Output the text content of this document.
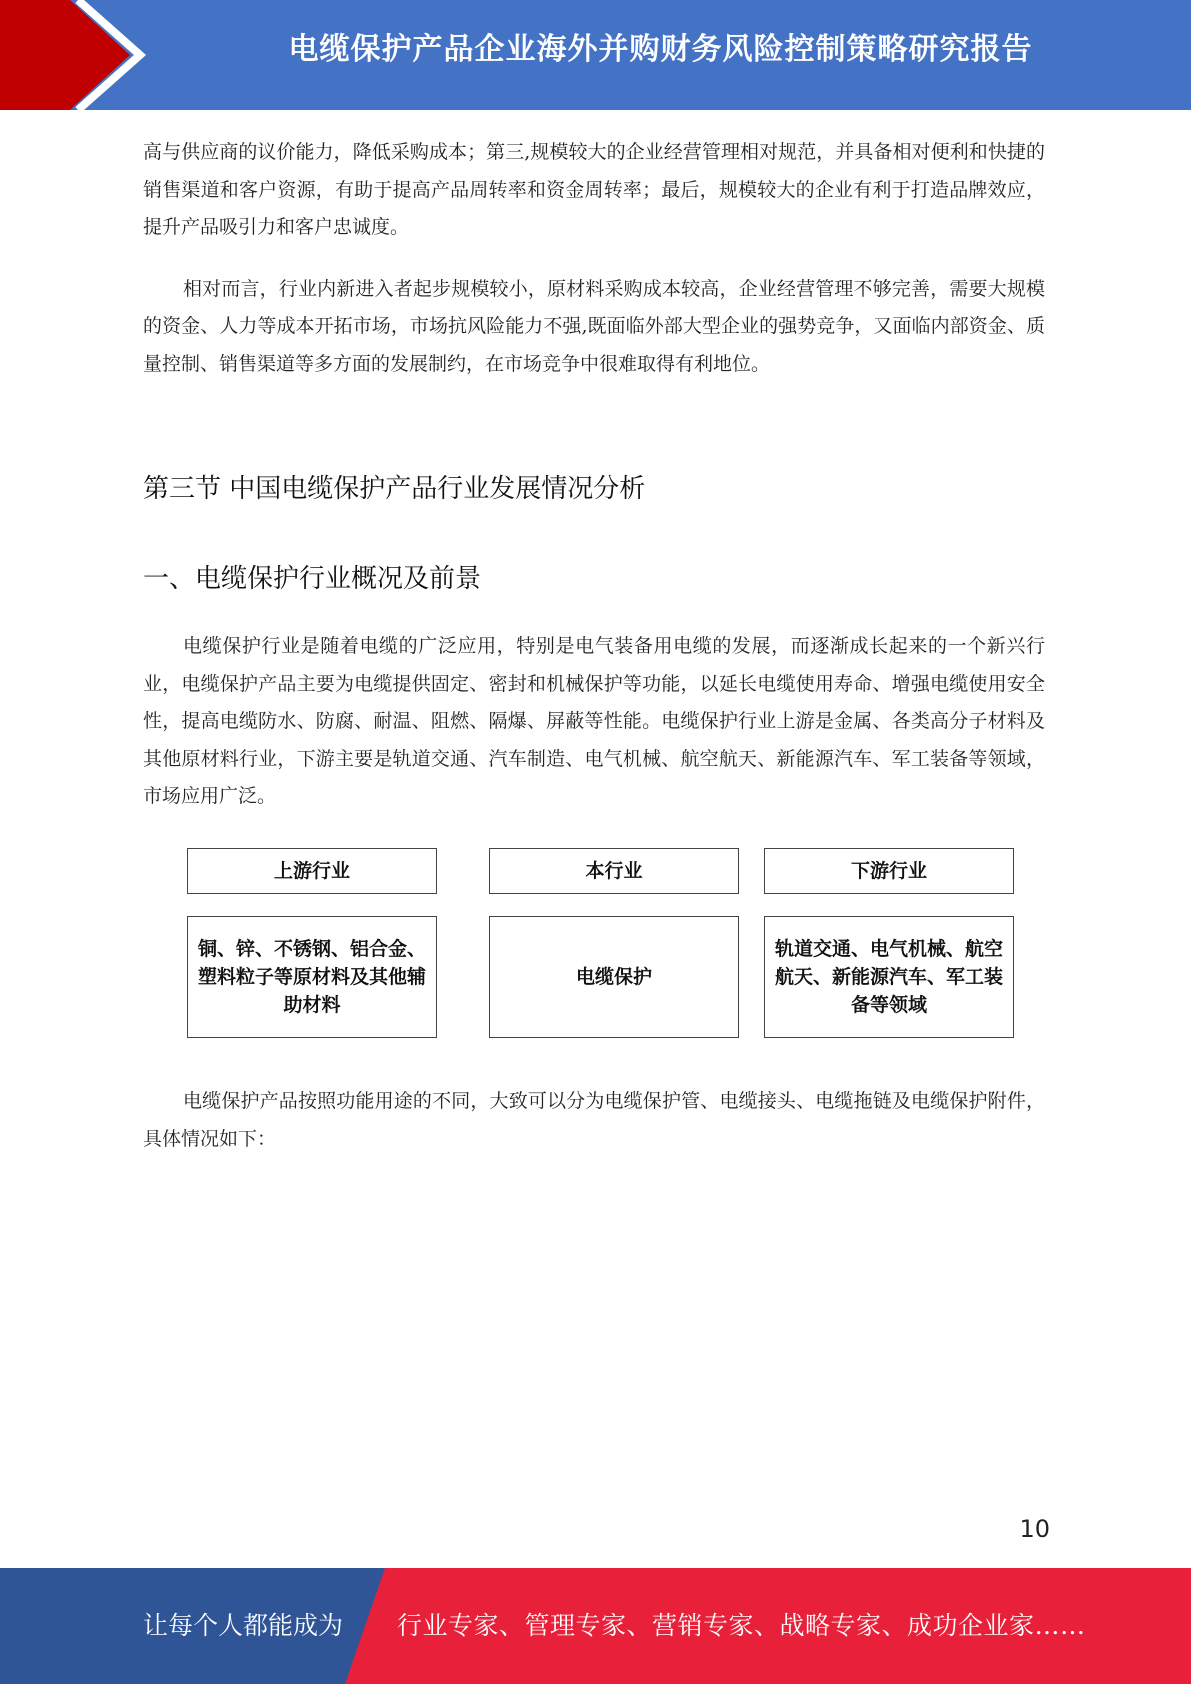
电缆保护产品企业海外并购财务风险控制策略研究报告

高与供应商的议价能力，降低采购成本；第三,规模较大的企业经营管理相对规范，并具备相对便利和快捷的销售渠道和客户资源，有助于提高产品周转率和资金周转率；最后，规模较大的企业有利于打造品牌效应，提升产品吸引力和客户忠诚度。

相对而言，行业内新进入者起步规模较小，原材料采购成本较高，企业经营管理不够完善，需要大规模的资金、人力等成本开拓市场，市场抗风险能力不强,既面临外部大型企业的强势竞争，又面临内部资金、质量控制、销售渠道等多方面的发展制约，在市场竞争中很难取得有利地位。

第三节 中国电缆保护产品行业发展情况分析
一、电缆保护行业概况及前景

电缆保护行业是随着电缆的广泛应用，特别是电气装备用电缆的发展，而逐渐成长起来的一个新兴行业，电缆保护产品主要为电缆提供固定、密封和机械保护等功能，以延长电缆使用寿命、增强电缆使用安全性，提高电缆防水、防腐、耐温、阻燃、隔爆、屏蔽等性能。电缆保护行业上游是金属、各类高分子材料及其他原材料行业，下游主要是轨道交通、汽车制造、电气机械、航空航天、新能源汽车、军工装备等领域，市场应用广泛。

上游行业	本行业	下游行业
铜、锌、不锈钢、铝合金、塑料粒子等原材料及其他辅助材料
电缆保护
轨道交通、电气机械、航空航天、新能源汽车、军工装备等领域

电缆保护产品按照功能用途的不同，大致可以分为电缆保护管、电缆接头、电缆拖链及电缆保护附件，具体情况如下：

10
让每个人都能成为 行业专家、管理专家、营销专家、战略专家、成功企业家……
